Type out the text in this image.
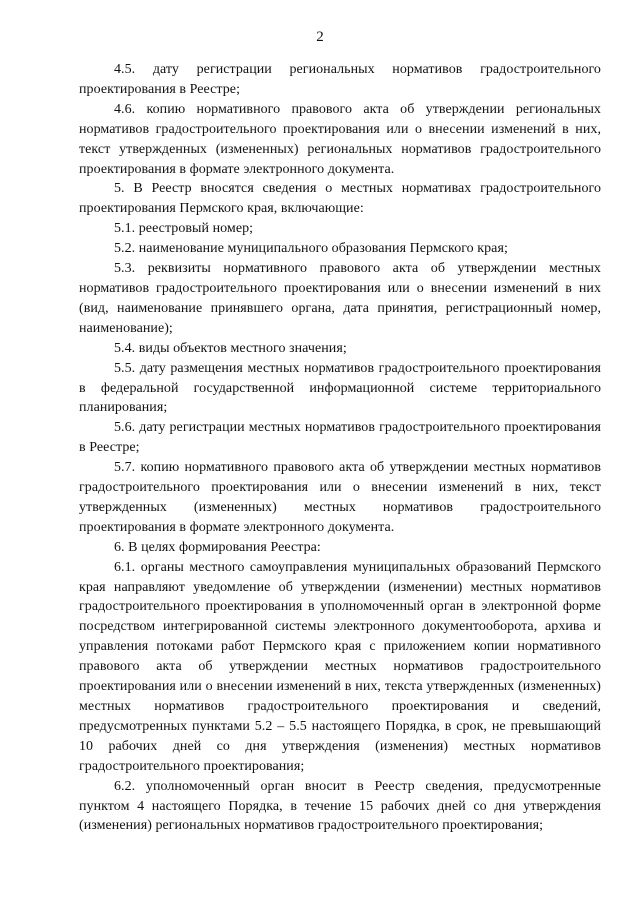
2

4.5. дату регистрации региональных нормативов градостроительного проектирования в Реестре;

4.6. копию нормативного правового акта об утверждении региональных нормативов градостроительного проектирования или о внесении изменений в них, текст утвержденных (измененных) региональных нормативов градостроительного проектирования в формате электронного документа.

5. В Реестр вносятся сведения о местных нормативах градостроительного проектирования Пермского края, включающие:

5.1. реестровый номер;

5.2. наименование муниципального образования Пермского края;

5.3. реквизиты нормативного правового акта об утверждении местных нормативов градостроительного проектирования или о внесении изменений в них (вид, наименование принявшего органа, дата принятия, регистрационный номер, наименование);

5.4. виды объектов местного значения;

5.5. дату размещения местных нормативов градостроительного проектирования в федеральной государственной информационной системе территориального планирования;

5.6. дату регистрации местных нормативов градостроительного проектирования в Реестре;

5.7. копию нормативного правового акта об утверждении местных нормативов градостроительного проектирования или о внесении изменений в них, текст утвержденных (измененных) местных нормативов градостроительного проектирования в формате электронного документа.

6. В целях формирования Реестра:

6.1. органы местного самоуправления муниципальных образований Пермского края направляют уведомление об утверждении (изменении) местных нормативов градостроительного проектирования в уполномоченный орган в электронной форме посредством интегрированной системы электронного документооборота, архива и управления потоками работ Пермского края с приложением копии нормативного правового акта об утверждении местных нормативов градостроительного проектирования или о внесении изменений в них, текста утвержденных (измененных) местных нормативов градостроительного проектирования и сведений, предусмотренных пунктами 5.2 – 5.5 настоящего Порядка, в срок, не превышающий 10 рабочих дней со дня утверждения (изменения) местных нормативов градостроительного проектирования;

6.2. уполномоченный орган вносит в Реестр сведения, предусмотренные пунктом 4 настоящего Порядка, в течение 15 рабочих дней со дня утверждения (изменения) региональных нормативов градостроительного проектирования;
